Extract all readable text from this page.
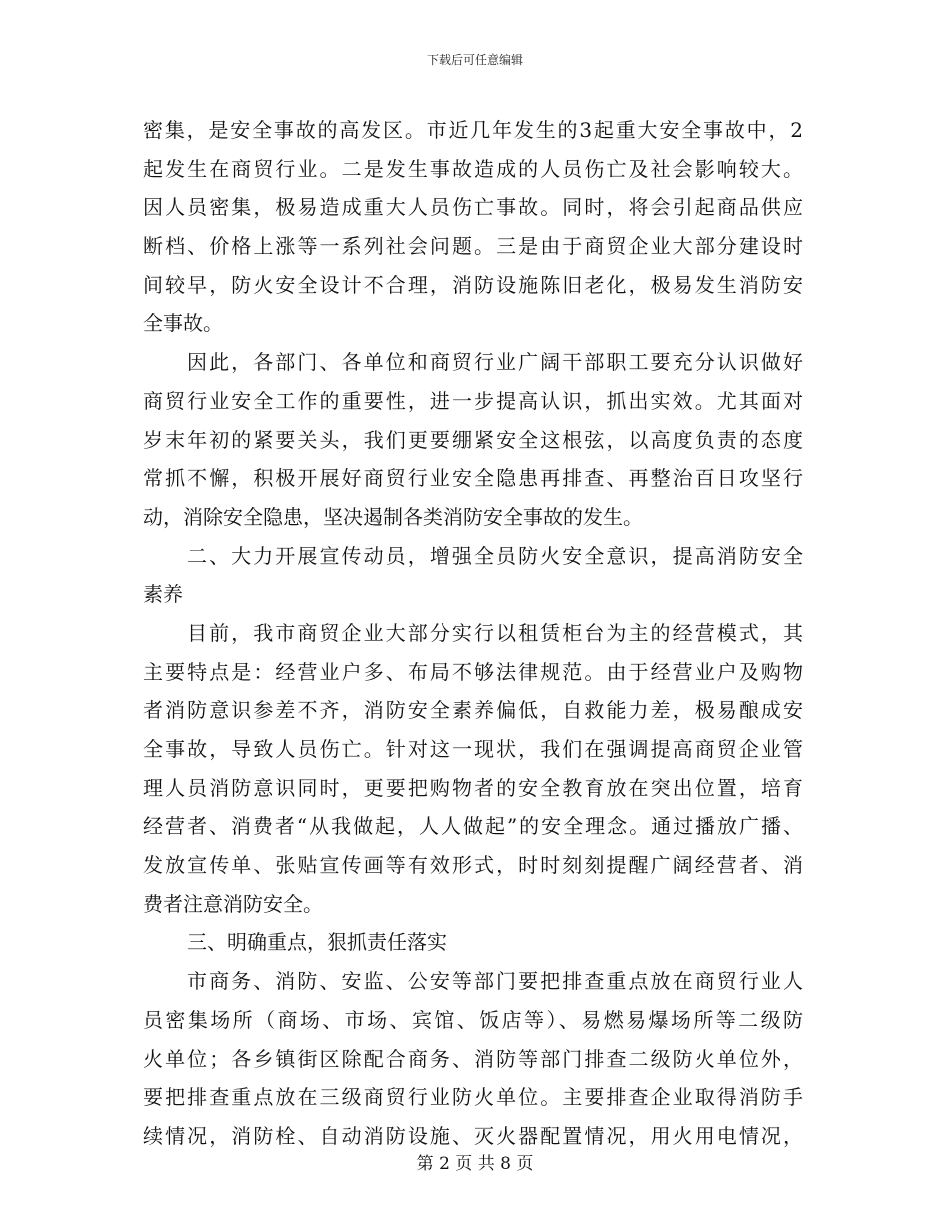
下载后可任意编辑
密集，是安全事故的高发区。市近几年发生的3起重大安全事故中，2
起发生在商贸行业。二是发生事故造成的人员伤亡及社会影响较大。
因人员密集，极易造成重大人员伤亡事故。同时，将会引起商品供应
断档、价格上涨等一系列社会问题。三是由于商贸企业大部分建设时
间较早，防火安全设计不合理，消防设施陈旧老化，极易发生消防安
全事故。
因此，各部门、各单位和商贸行业广阔干部职工要充分认识做好
商贸行业安全工作的重要性，进一步提高认识，抓出实效。尤其面对
岁末年初的紧要关头，我们更要绷紧安全这根弦，以高度负责的态度
常抓不懈，积极开展好商贸行业安全隐患再排查、再整治百日攻坚行
动，消除安全隐患，坚决遏制各类消防安全事故的发生。
二、大力开展宣传动员，增强全员防火安全意识，提高消防安全
素养
目前，我市商贸企业大部分实行以租赁柜台为主的经营模式，其
主要特点是：经营业户多、布局不够法律规范。由于经营业户及购物
者消防意识参差不齐，消防安全素养偏低，自救能力差，极易酿成安
全事故，导致人员伤亡。针对这一现状，我们在强调提高商贸企业管
理人员消防意识同时，更要把购物者的安全教育放在突出位置，培育
经营者、消费者“从我做起，人人做起”的安全理念。通过播放广播、
发放宣传单、张贴宣传画等有效形式，时时刻刻提醒广阔经营者、消
费者注意消防安全。
三、明确重点，狠抓责任落实
市商务、消防、安监、公安等部门要把排查重点放在商贸行业人
员密集场所（商场、市场、宾馆、饭店等）、易燃易爆场所等二级防
火单位；各乡镇街区除配合商务、消防等部门排查二级防火单位外，
要把排查重点放在三级商贸行业防火单位。主要排查企业取得消防手
续情况，消防栓、自动消防设施、灭火器配置情况，用火用电情况，
第 2 页 共 8 页
